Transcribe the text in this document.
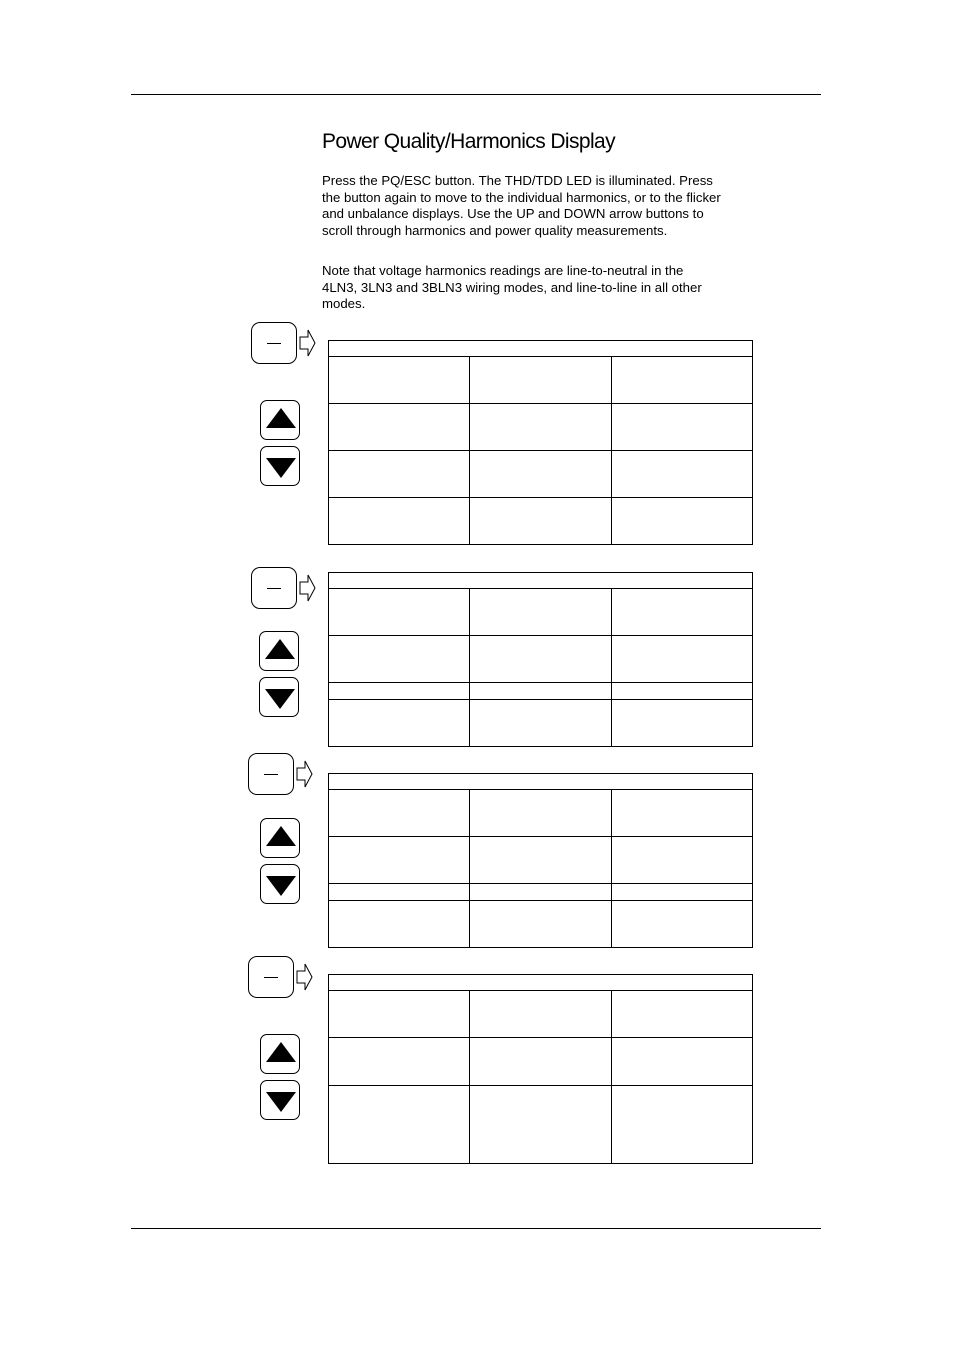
Power Quality/Harmonics Display

Press the PQ/ESC button. The THD/TDD LED is illuminated. Press the button again to move to the individual harmonics, or to the flicker and unbalance displays. Use the UP and DOWN arrow buttons to scroll through harmonics and power quality measurements.

Note that voltage harmonics readings are line-to-neutral in the 4LN3, 3LN3 and 3BLN3 wiring modes, and line-to-line in all other modes.
